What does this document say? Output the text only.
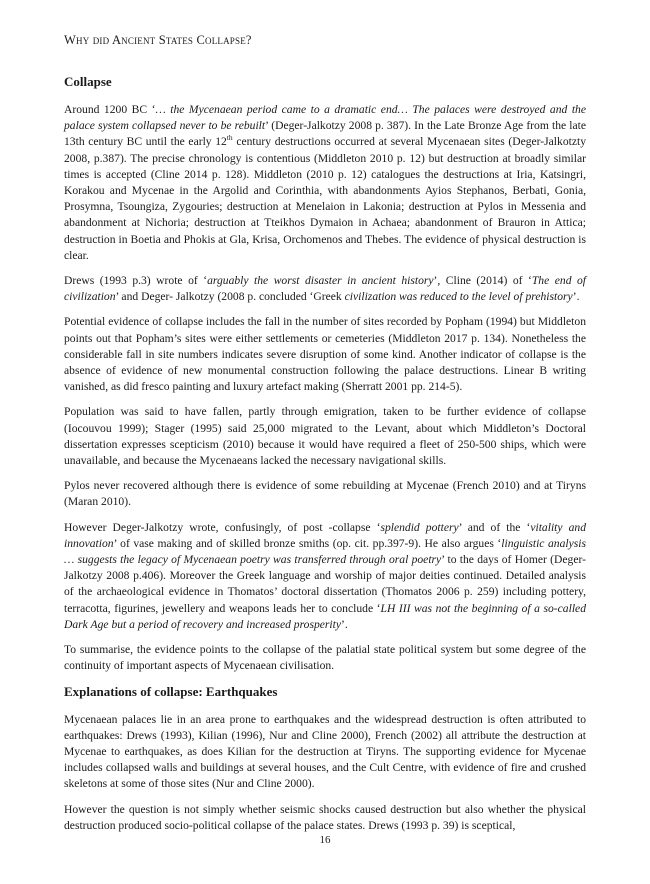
Why did Ancient States Collapse?
Collapse

Around 1200 BC ‘… the Mycenaean period came to a dramatic end… The palaces were destroyed and the palace system collapsed never to be rebuilt’ (Deger-Jalkotzy 2008 p. 387). In the Late Bronze Age from the late 13th century BC until the early 12th century destructions occurred at several Mycenaean sites (Deger-Jalkotzty 2008, p.387). The precise chronology is contentious (Middleton 2010 p. 12) but destruction at broadly similar times is accepted (Cline 2014 p. 128). Middleton (2010 p. 12) catalogues the destructions at Iria, Katsingri, Korakou and Mycenae in the Argolid and Corinthia, with abandonments Ayios Stephanos, Berbati, Gonia, Prosymna, Tsoungiza, Zygouries; destruction at Menelaion in Lakonia; destruction at Pylos in Messenia and abandonment at Nichoria; destruction at Tteikhos Dymaion in Achaea; abandonment of Brauron in Attica; destruction in Boetia and Phokis at Gla, Krisa, Orchomenos and Thebes. The evidence of physical destruction is clear.

Drews (1993 p.3) wrote of ‘arguably the worst disaster in ancient history’, Cline (2014) of ‘The end of civilization’ and Deger- Jalkotzy (2008 p. concluded ‘Greek civilization was reduced to the level of prehistory’.

Potential evidence of collapse includes the fall in the number of sites recorded by Popham (1994) but Middleton points out that Popham’s sites were either settlements or cemeteries (Middleton 2017 p. 134). Nonetheless the considerable fall in site numbers indicates severe disruption of some kind. Another indicator of collapse is the absence of evidence of new monumental construction following the palace destructions. Linear B writing vanished, as did fresco painting and luxury artefact making (Sherratt 2001 pp. 214-5).

Population was said to have fallen, partly through emigration, taken to be further evidence of collapse (Iocouvou 1999); Stager (1995) said 25,000 migrated to the Levant, about which Middleton’s Doctoral dissertation expresses scepticism (2010) because it would have required a fleet of 250-500 ships, which were unavailable, and because the Mycenaeans lacked the necessary navigational skills.

Pylos never recovered although there is evidence of some rebuilding at Mycenae (French 2010) and at Tiryns (Maran 2010).

However Deger-Jalkotzy wrote, confusingly, of post -collapse ‘splendid pottery’ and of the ‘vitality and innovation’ of vase making and of skilled bronze smiths (op. cit. pp.397-9). He also argues ‘linguistic analysis … suggests the legacy of Mycenaean poetry was transferred through oral poetry’ to the days of Homer (Deger-Jalkotzy 2008 p.406). Moreover the Greek language and worship of major deities continued. Detailed analysis of the archaeological evidence in Thomatos’ doctoral dissertation (Thomatos 2006 p. 259) including pottery, terracotta, figurines, jewellery and weapons leads her to conclude ‘LH III was not the beginning of a so-called Dark Age but a period of recovery and increased prosperity’.

To summarise, the evidence points to the collapse of the palatial state political system but some degree of the continuity of important aspects of Mycenaean civilisation.

Explanations of collapse: Earthquakes

Mycenaean palaces lie in an area prone to earthquakes and the widespread destruction is often attributed to earthquakes: Drews (1993), Kilian (1996), Nur and Cline 2000), French (2002) all attribute the destruction at Mycenae to earthquakes, as does Kilian for the destruction at Tiryns. The supporting evidence for Mycenae includes collapsed walls and buildings at several houses, and the Cult Centre, with evidence of fire and crushed skeletons at some of those sites (Nur and Cline 2000).

However the question is not simply whether seismic shocks caused destruction but also whether the physical destruction produced socio-political collapse of the palace states. Drews (1993 p. 39) is sceptical,

16
